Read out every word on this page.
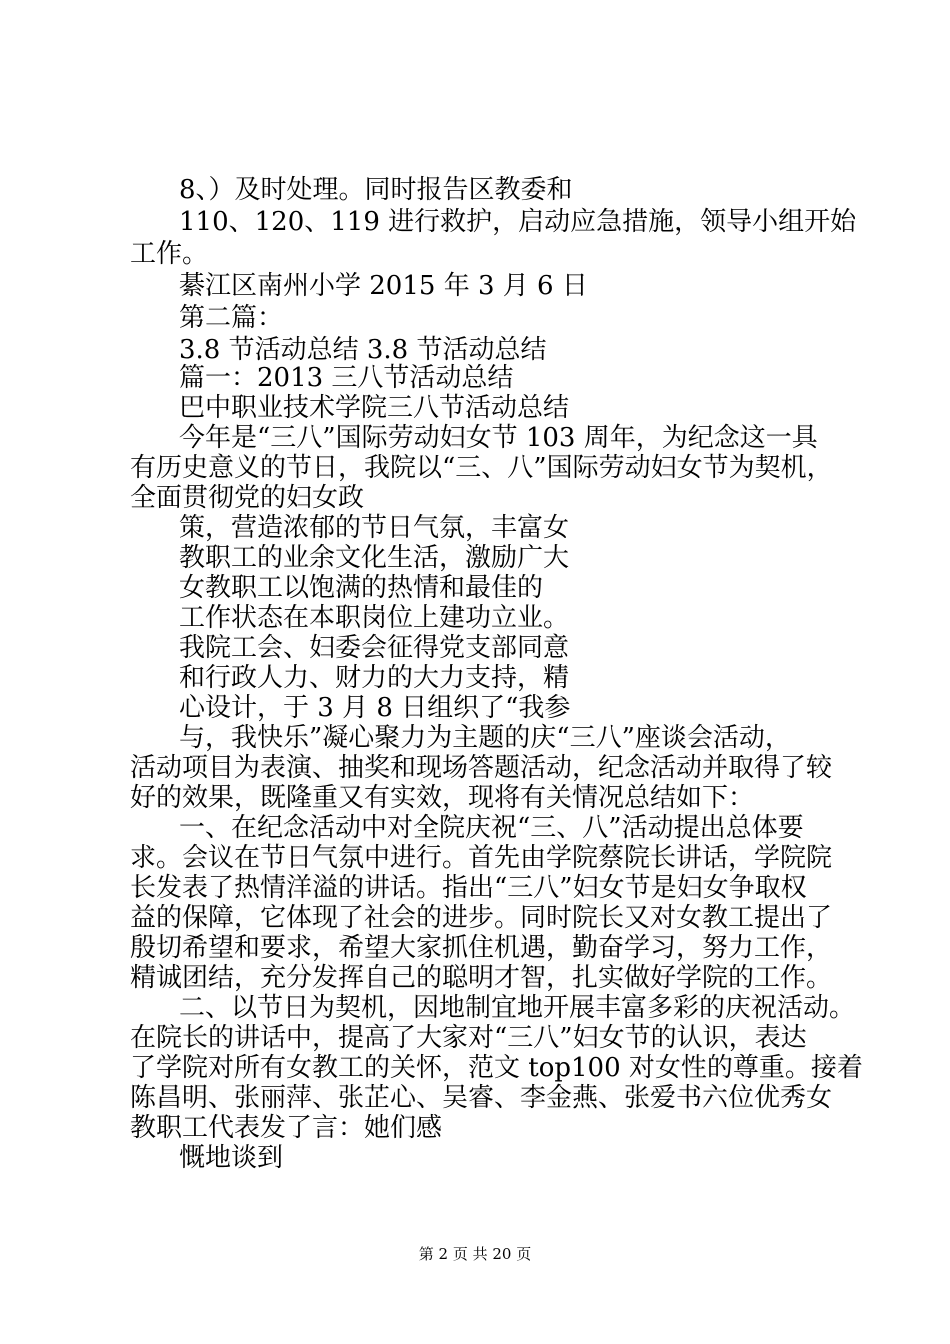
8、）及时处理。同时报告区教委和
110、120、119 进行救护，启动应急措施，领导小组开始
工作。
綦江区南州小学 2015 年 3 月 6 日
第二篇：
3.8 节活动总结 3.8 节活动总结
篇一：2013 三八节活动总结
巴中职业技术学院三八节活动总结
今年是“三八”国际劳动妇女节 103 周年，为纪念这一具
有历史意义的节日，我院以“三、八”国际劳动妇女节为契机，
全面贯彻党的妇女政
策，营造浓郁的节日气氛，丰富女
教职工的业余文化生活，激励广大
女教职工以饱满的热情和最佳的
工作状态在本职岗位上建功立业。
我院工会、妇委会征得党支部同意
和行政人力、财力的大力支持，精
心设计，于 3 月 8 日组织了“我参
与，我快乐”凝心聚力为主题的庆“三八”座谈会活动，
活动项目为表演、抽奖和现场答题活动，纪念活动并取得了较
好的效果，既隆重又有实效，现将有关情况总结如下：
一、在纪念活动中对全院庆祝“三、八”活动提出总体要
求。会议在节日气氛中进行。首先由学院蔡院长讲话，学院院
长发表了热情洋溢的讲话。指出“三八”妇女节是妇女争取权
益的保障，它体现了社会的进步。同时院长又对女教工提出了
殷切希望和要求，希望大家抓住机遇，勤奋学习，努力工作，
精诚团结，充分发挥自己的聪明才智，扎实做好学院的工作。
二、以节日为契机，因地制宜地开展丰富多彩的庆祝活动。
在院长的讲话中，提高了大家对“三八”妇女节的认识，表达
了学院对所有女教工的关怀，范文 top100 对女性的尊重。接着
陈昌明、张丽萍、张芷心、吴睿、李金燕、张爱书六位优秀女
教职工代表发了言：她们感
慨地谈到
第 2 页 共 20 页
